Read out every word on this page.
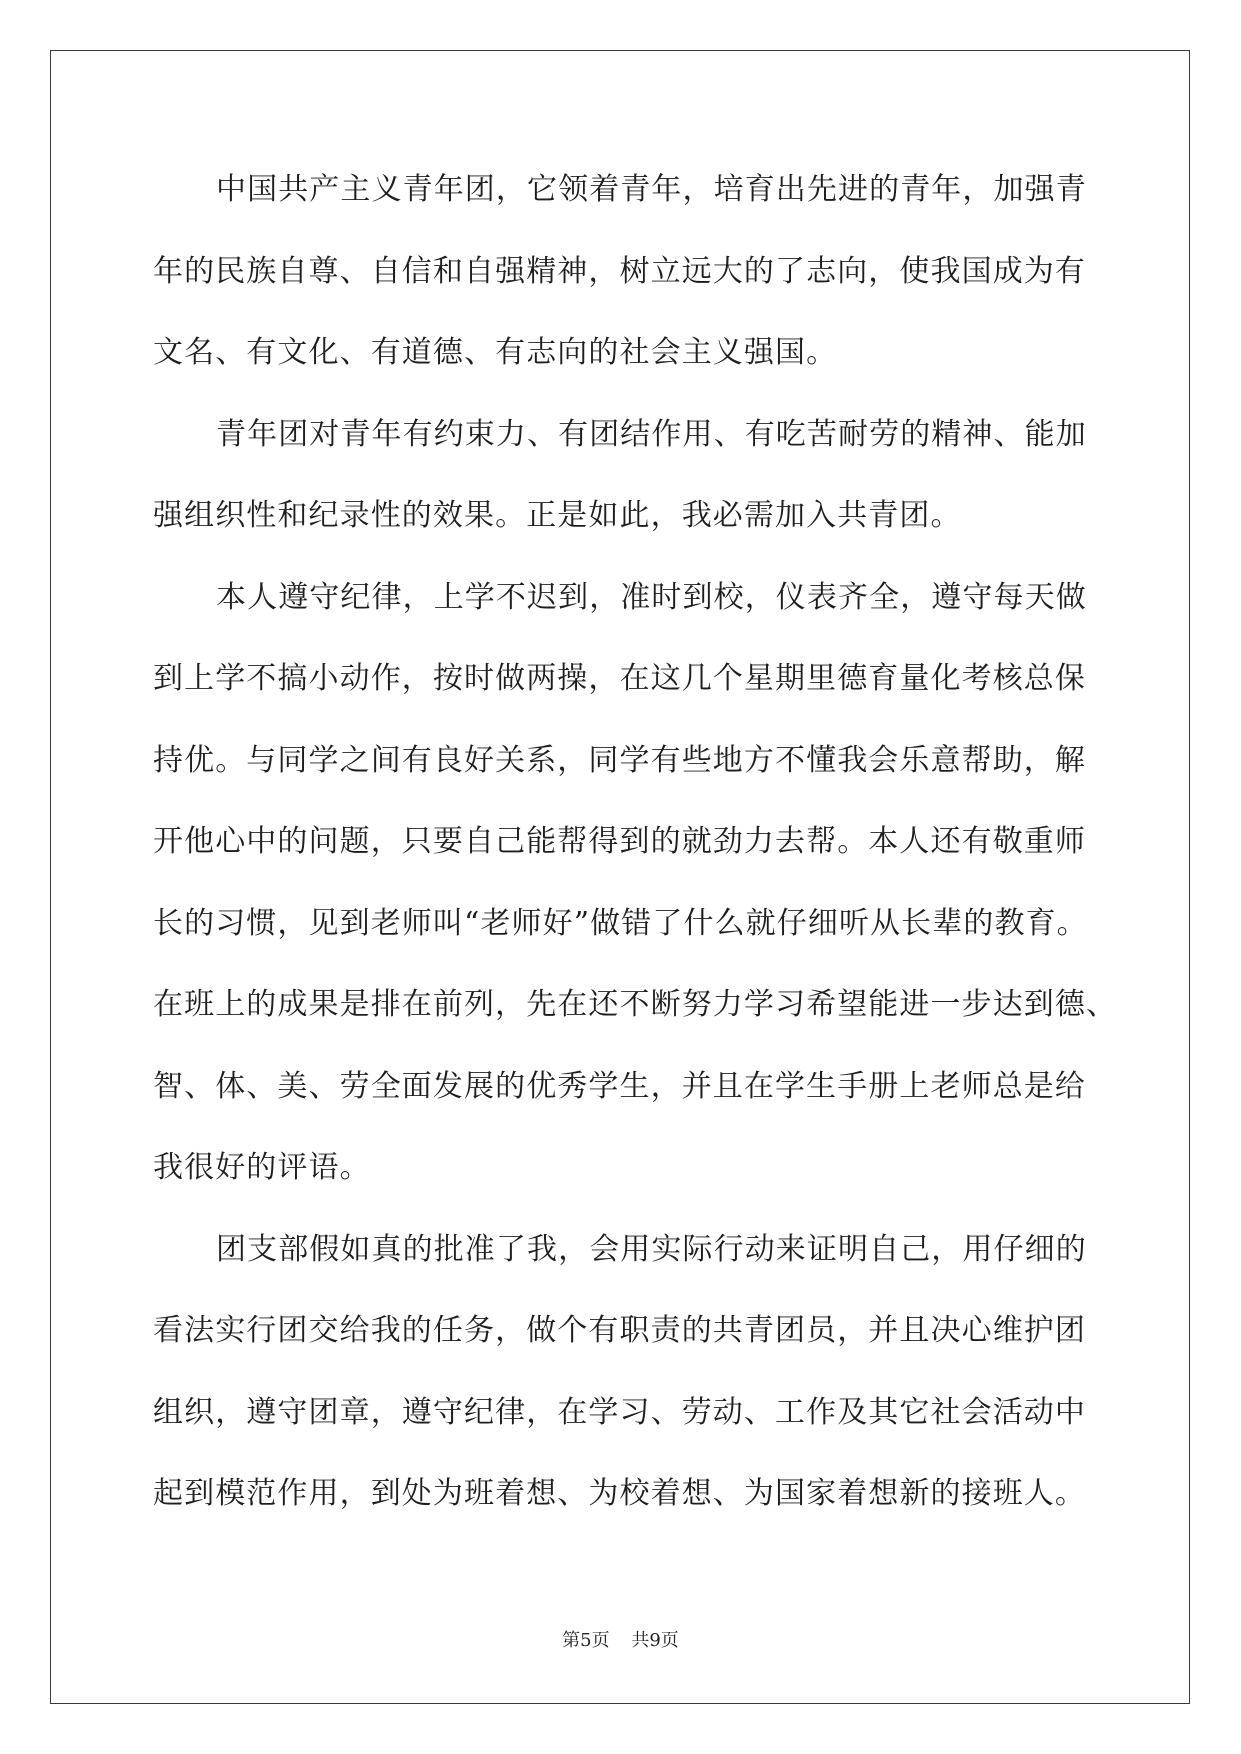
中国共产主义青年团，它领着青年，培育出先进的青年，加强青
年的民族自尊、自信和自强精神，树立远大的了志向，使我国成为有
文名、有文化、有道德、有志向的社会主义强国。
青年团对青年有约束力、有团结作用、有吃苦耐劳的精神、能加
强组织性和纪录性的效果。正是如此，我必需加入共青团。
本人遵守纪律，上学不迟到，准时到校，仪表齐全，遵守每天做
到上学不搞小动作，按时做两操，在这几个星期里德育量化考核总保
持优。与同学之间有良好关系，同学有些地方不懂我会乐意帮助，解
开他心中的问题，只要自己能帮得到的就劲力去帮。本人还有敬重师
长的习惯，见到老师叫“老师好”做错了什么就仔细听从长辈的教育。
在班上的成果是排在前列，先在还不断努力学习希望能进一步达到德、
智、体、美、劳全面发展的优秀学生，并且在学生手册上老师总是给
我很好的评语。
团支部假如真的批准了我，会用实际行动来证明自己，用仔细的
看法实行团交给我的任务，做个有职责的共青团员，并且决心维护团
组织，遵守团章，遵守纪律，在学习、劳动、工作及其它社会活动中
起到模范作用，到处为班着想、为校着想、为国家着想新的接班人。
第5页 共9页
